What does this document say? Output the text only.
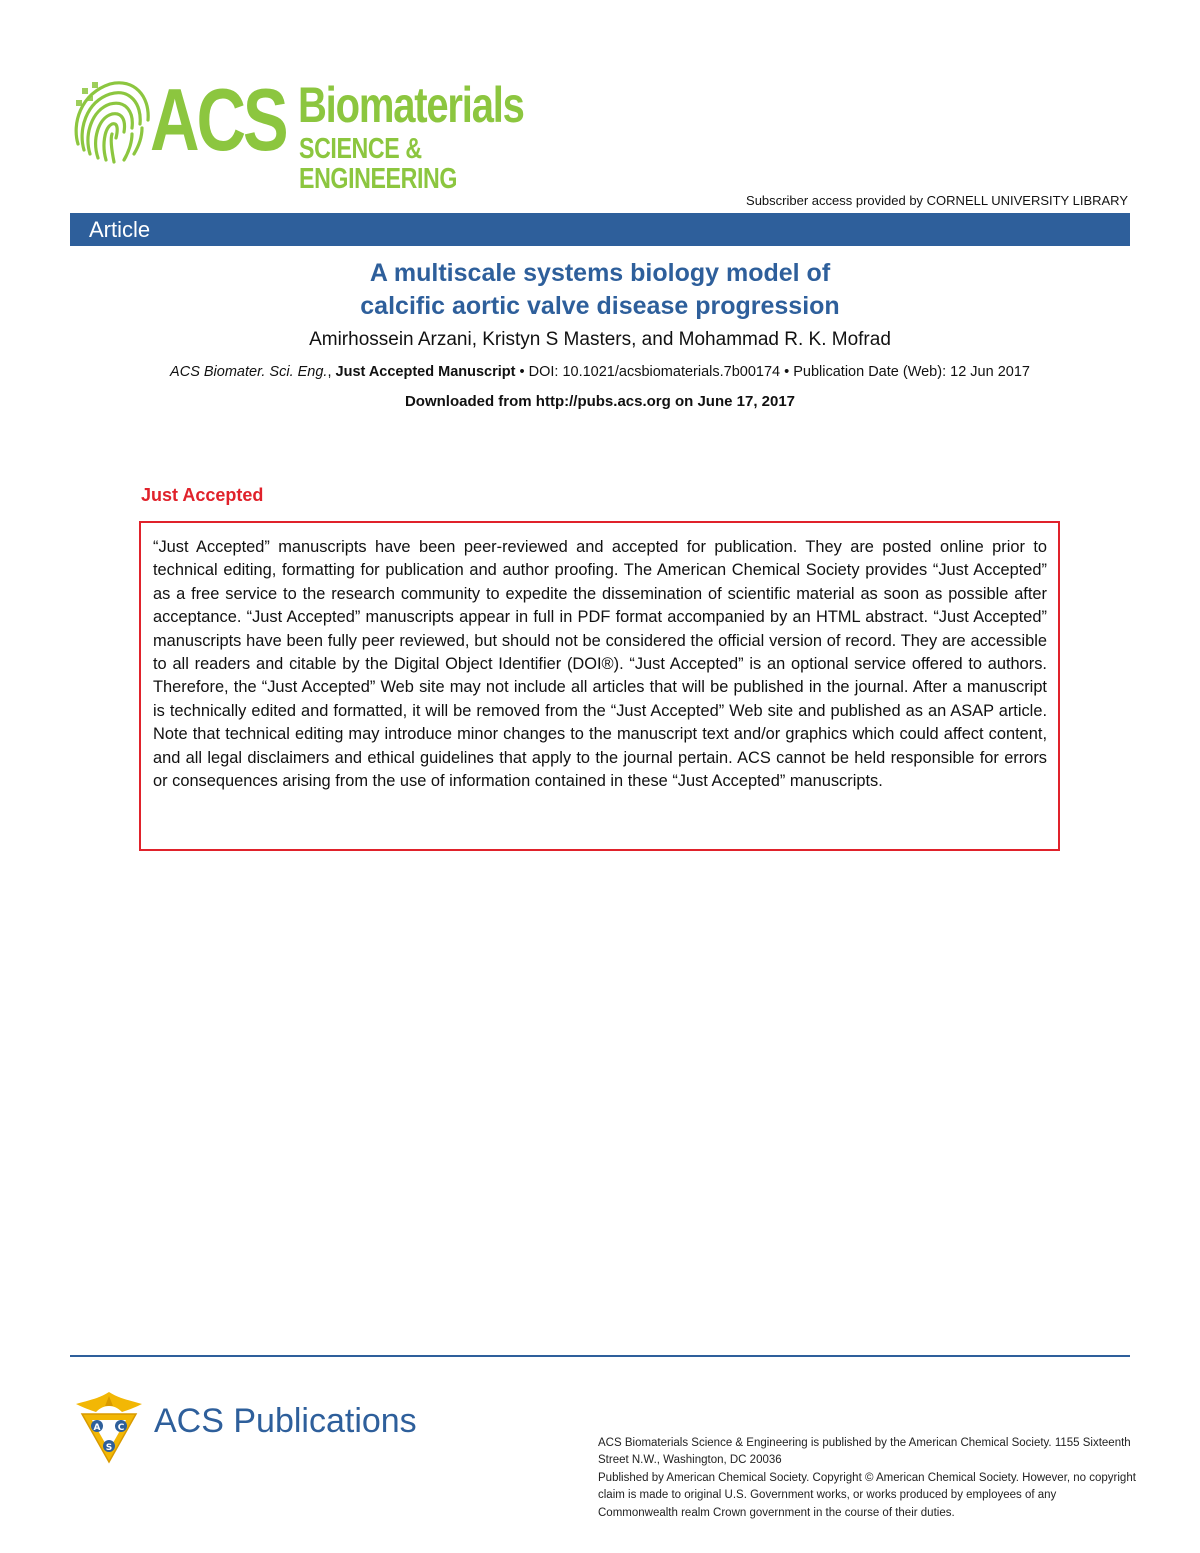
ACS Biomaterials
SCIENCE & ENGINEERING
Subscriber access provided by CORNELL UNIVERSITY LIBRARY
Article
A multiscale systems biology model of
calcific aortic valve disease progression
Amirhossein Arzani, Kristyn S Masters, and Mohammad R. K. Mofrad
ACS Biomater. Sci. Eng., Just Accepted Manuscript • DOI: 10.1021/acsbiomaterials.7b00174 • Publication Date (Web): 12 Jun 2017
Downloaded from http://pubs.acs.org on June 17, 2017
Just Accepted

“Just Accepted” manuscripts have been peer-reviewed and accepted for publication. They are posted online prior to technical editing, formatting for publication and author proofing. The American Chemical Society provides “Just Accepted” as a free service to the research community to expedite the dissemination of scientific material as soon as possible after acceptance. “Just Accepted” manuscripts appear in full in PDF format accompanied by an HTML abstract. “Just Accepted” manuscripts have been fully peer reviewed, but should not be considered the official version of record. They are accessible to all readers and citable by the Digital Object Identifier (DOI®). “Just Accepted” is an optional service offered to authors. Therefore, the “Just Accepted” Web site may not include all articles that will be published in the journal. After a manuscript is technically edited and formatted, it will be removed from the “Just Accepted” Web site and published as an ASAP article. Note that technical editing may introduce minor changes to the manuscript text and/or graphics which could affect content, and all legal disclaimers and ethical guidelines that apply to the journal pertain. ACS cannot be held responsible for errors or consequences arising from the use of information contained in these “Just Accepted” manuscripts.

A C
S
ACS Publications

ACS Biomaterials Science & Engineering is published by the American Chemical Society. 1155 Sixteenth Street N.W., Washington, DC 20036

Published by American Chemical Society. Copyright © American Chemical Society. However, no copyright claim is made to original U.S. Government works, or works produced by employees of any Commonwealth realm Crown government in the course of their duties.
